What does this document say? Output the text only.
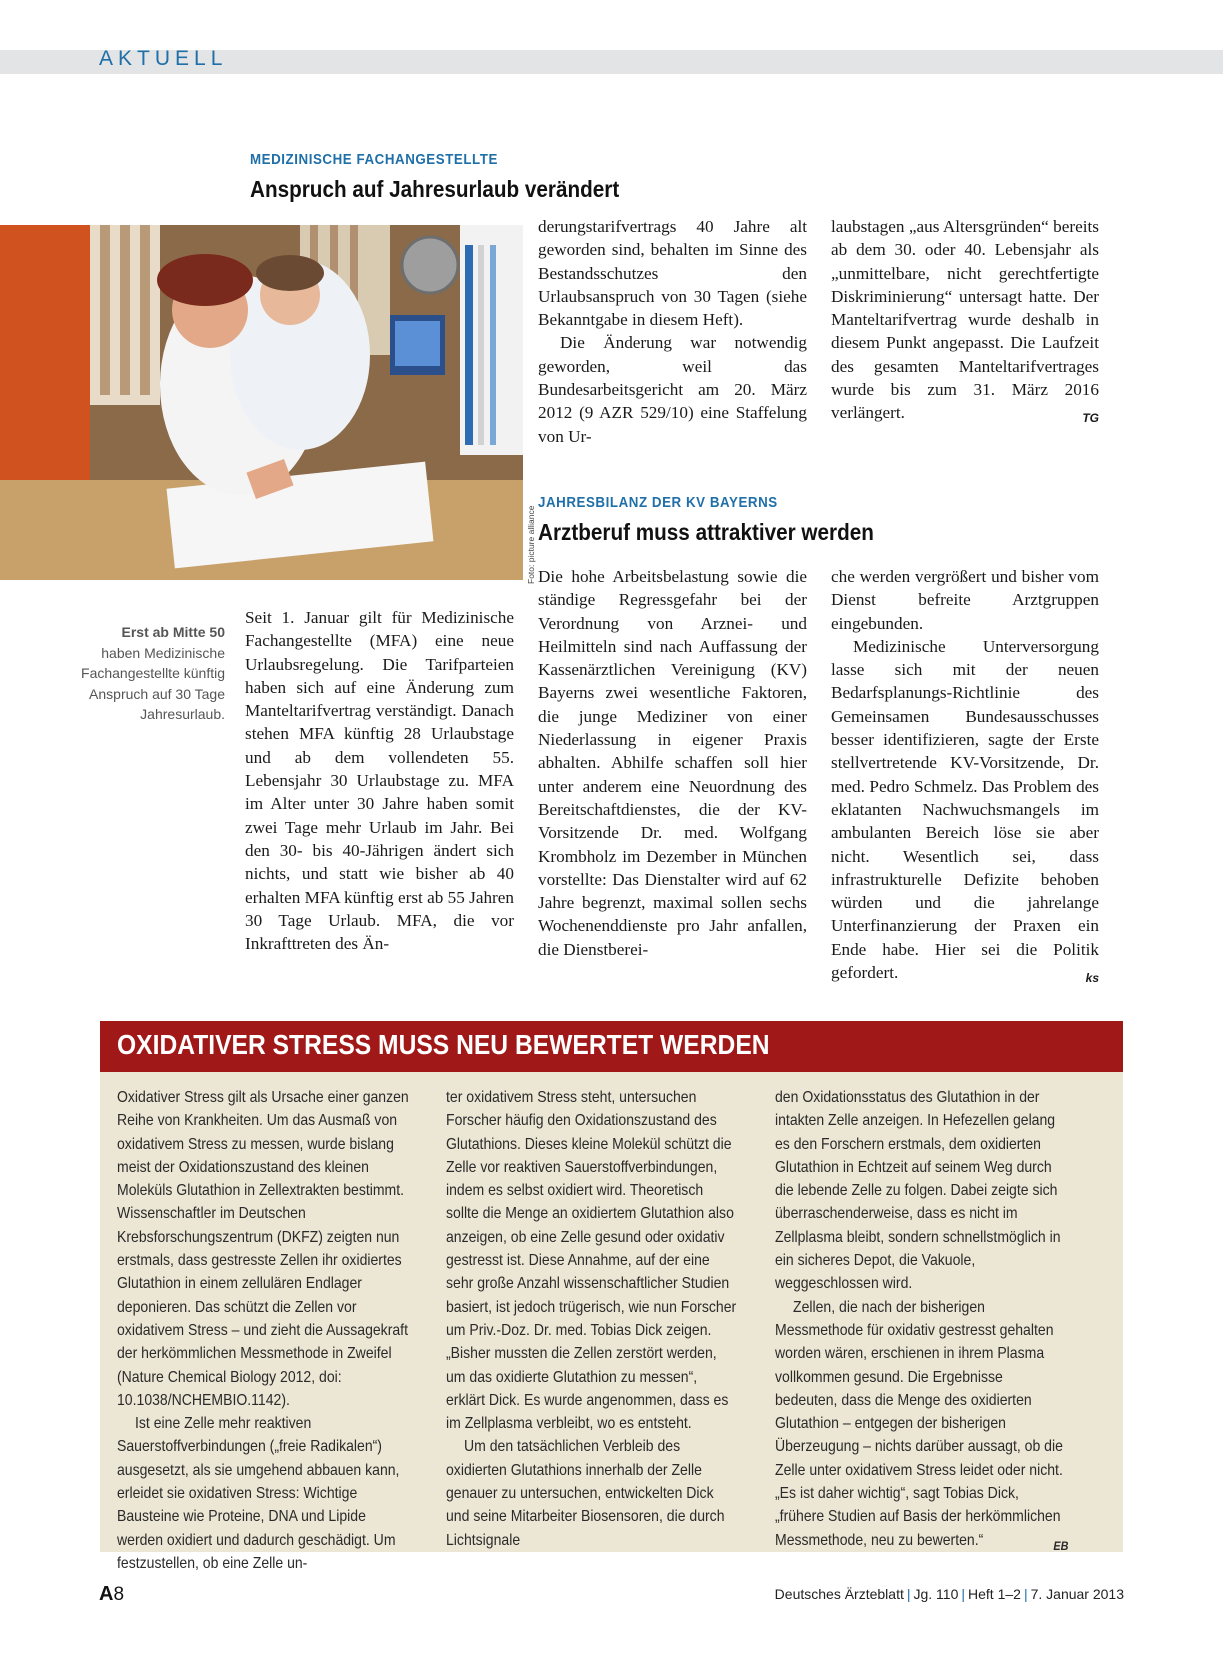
AKTUELL
MEDIZINISCHE FACHANGESTELLTE
Anspruch auf Jahresurlaub verändert
Foto: picture alliance
Erst ab Mitte 50 haben Medizinische Fachangestellte künftig Anspruch auf 30 Tage Jahresurlaub.

Seit 1. Januar gilt für Medizinische Fachangestellte (MFA) eine neue Urlaubsregelung. Die Tarifparteien haben sich auf eine Änderung zum Manteltarifvertrag verständigt. Danach stehen MFA künftig 28 Urlaubstage und ab dem vollendeten 55. Lebensjahr 30 Urlaubstage zu. MFA im Alter unter 30 Jahre haben somit zwei Tage mehr Urlaub im Jahr. Bei den 30- bis 40-Jährigen ändert sich nichts, und statt wie bisher ab 40 erhalten MFA künftig erst ab 55 Jahren 30 Tage Urlaub. MFA, die vor Inkrafttreten des Än-

derungstarifvertrags 40 Jahre alt geworden sind, behalten im Sinne des Bestandsschutzes den Urlaubsanspruch von 30 Tagen (siehe Bekanntgabe in diesem Heft).

Die Änderung war notwendig geworden, weil das Bundesarbeitsgericht am 20. März 2012 (9 AZR 529/10) eine Staffelung von Ur-

laubstagen „aus Altersgründen“ bereits ab dem 30. oder 40. Lebensjahr als „unmittelbare, nicht gerechtfertigte Diskriminierung“ untersagt hatte. Der Manteltarifvertrag wurde deshalb in diesem Punkt angepasst. Die Laufzeit des gesamten Manteltarifvertrages wurde bis zum 31. März 2016 verlängert.	TG

JAHRESBILANZ DER KV BAYERNS
Arztberuf muss attraktiver werden

Die hohe Arbeitsbelastung sowie die ständige Regressgefahr bei der Verordnung von Arznei- und Heilmitteln sind nach Auffassung der Kassenärztlichen Vereinigung (KV) Bayerns zwei wesentliche Faktoren, die junge Mediziner von einer Niederlassung in eigener Praxis abhalten. Abhilfe schaffen soll hier unter anderem eine Neuordnung des Bereitschaftdienstes, die der KV-Vorsitzende Dr. med. Wolfgang Krombholz im Dezember in München vorstellte: Das Dienstalter wird auf 62 Jahre begrenzt, maximal sollen sechs Wochenenddienste pro Jahr anfallen, die Dienstberei-

che werden vergrößert und bisher vom Dienst befreite Arztgruppen eingebunden.

Medizinische Unterversorgung lasse sich mit der neuen Bedarfsplanungs-Richtlinie des Gemeinsamen Bundesausschusses besser identifizieren, sagte der Erste stellvertretende KV-Vorsitzende, Dr. med. Pedro Schmelz. Das Problem des eklatanten Nachwuchsmangels im ambulanten Bereich löse sie aber nicht. Wesentlich sei, dass infrastrukturelle Defizite behoben würden und die jahrelange Unterfinanzierung der Praxen ein Ende habe. Hier sei die Politik gefordert.	ks

OXIDATIVER STRESS MUSS NEU BEWERTET WERDEN

Oxidativer Stress gilt als Ursache einer ganzen Reihe von Krankheiten. Um das Ausmaß von oxidativem Stress zu messen, wurde bislang meist der Oxidationszustand des kleinen Moleküls Glutathion in Zellextrakten bestimmt. Wissenschaftler im Deutschen Krebsforschungszentrum (DKFZ) zeigten nun erstmals, dass gestresste Zellen ihr oxidiertes Glutathion in einem zellulären Endlager deponieren. Das schützt die Zellen vor oxidativem Stress – und zieht die Aussagekraft der herkömmlichen Messmethode in Zweifel (Nature Chemical Biology 2012, doi: 10.1038/NCHEMBIO.1142).

Ist eine Zelle mehr reaktiven Sauerstoffverbindungen („freie Radikalen“) ausgesetzt, als sie umgehend abbauen kann, erleidet sie oxidativen Stress: Wichtige Bausteine wie Proteine, DNA und Lipide werden oxidiert und dadurch geschädigt. Um festzustellen, ob eine Zelle un-

ter oxidativem Stress steht, untersuchen Forscher häufig den Oxidationszustand des Glutathions. Dieses kleine Molekül schützt die Zelle vor reaktiven Sauerstoffverbindungen, indem es selbst oxidiert wird. Theoretisch sollte die Menge an oxidiertem Glutathion also anzeigen, ob eine Zelle gesund oder oxidativ gestresst ist. Diese Annahme, auf der eine sehr große Anzahl wissenschaftlicher Studien basiert, ist jedoch trügerisch, wie nun Forscher um Priv.-Doz. Dr. med. Tobias Dick zeigen. „Bisher mussten die Zellen zerstört werden, um das oxidierte Glutathion zu messen“, erklärt Dick. Es wurde angenommen, dass es im Zellplasma verbleibt, wo es entsteht.

Um den tatsächlichen Verbleib des oxidierten Glutathions innerhalb der Zelle genauer zu untersuchen, entwickelten Dick und seine Mitarbeiter Biosensoren, die durch Lichtsignale

den Oxidationsstatus des Glutathion in der intakten Zelle anzeigen. In Hefezellen gelang es den Forschern erstmals, dem oxidierten Glutathion in Echtzeit auf seinem Weg durch die lebende Zelle zu folgen. Dabei zeigte sich überraschenderweise, dass es nicht im Zellplasma bleibt, sondern schnellstmöglich in ein sicheres Depot, die Vakuole, weggeschlossen wird.

Zellen, die nach der bisherigen Messmethode für oxidativ gestresst gehalten worden wären, erschienen in ihrem Plasma vollkommen gesund. Die Ergebnisse bedeuten, dass die Menge des oxidierten Glutathion – entgegen der bisherigen Überzeugung – nichts darüber aussagt, ob die Zelle unter oxidativem Stress leidet oder nicht. „Es ist daher wichtig“, sagt Tobias Dick, „frühere Studien auf Basis der herkömmlichen Messmethode, neu zu bewerten.“	EB

A8	Deutsches Ärzteblatt | Jg. 110 | Heft 1–2 | 7. Januar 2013
